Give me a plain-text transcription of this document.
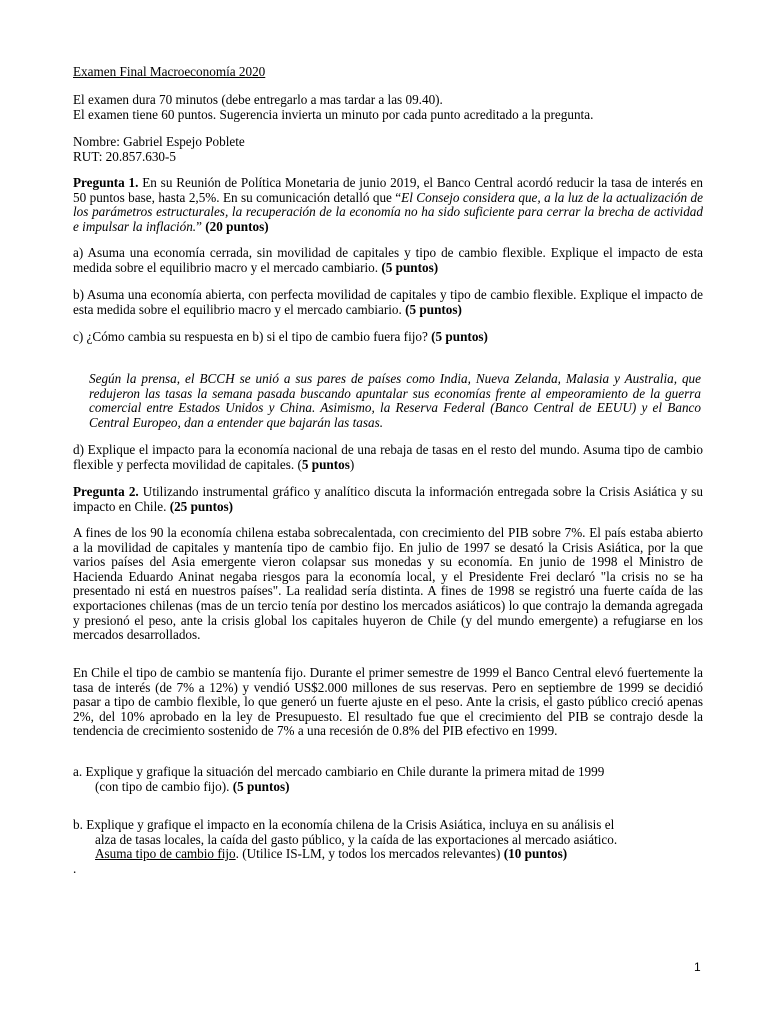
Examen Final Macroeconomía 2020

El examen dura 70 minutos (debe entregarlo a mas tardar a las 09.40).

El examen tiene 60 puntos. Sugerencia invierta un minuto por cada punto acreditado a la pregunta.

Nombre: Gabriel Espejo Poblete

RUT: 20.857.630-5

Pregunta 1. En su Reunión de Política Monetaria de junio 2019, el Banco Central acordó reducir la tasa de interés en 50 puntos base, hasta 2,5%. En su comunicación detalló que “El Consejo considera que, a la luz de la actualización de los parámetros estructurales, la recuperación de la economía no ha sido suficiente para cerrar la brecha de actividad e impulsar la inflación.” (20 puntos)

a) Asuma una economía cerrada, sin movilidad de capitales y tipo de cambio flexible. Explique el impacto de esta medida sobre el equilibrio macro y el mercado cambiario. (5 puntos)

b) Asuma una economía abierta, con perfecta movilidad de capitales y tipo de cambio flexible. Explique el impacto de esta medida sobre el equilibrio macro y el mercado cambiario. (5 puntos)

c) ¿Cómo cambia su respuesta en b) si el tipo de cambio fuera fijo? (5 puntos)

Según la prensa, el BCCH se unió a sus pares de países como India, Nueva Zelanda, Malasia y Australia, que redujeron las tasas la semana pasada buscando apuntalar sus economías frente al empeoramiento de la guerra comercial entre Estados Unidos y China. Asimismo, la Reserva Federal (Banco Central de EEUU) y el Banco Central Europeo, dan a entender que bajarán las tasas.

d) Explique el impacto para la economía nacional de una rebaja de tasas en el resto del mundo. Asuma tipo de cambio flexible y perfecta movilidad de capitales. (5 puntos)

Pregunta 2. Utilizando instrumental gráfico y analítico discuta la información entregada sobre la Crisis Asiática y su impacto en Chile. (25 puntos)

A fines de los 90 la economía chilena estaba sobrecalentada, con crecimiento del PIB sobre 7%. El país estaba abierto a la movilidad de capitales y mantenía tipo de cambio fijo. En julio de 1997 se desató la Crisis Asiática, por la que varios países del Asia emergente vieron colapsar sus monedas y su economía. En junio de 1998 el Ministro de Hacienda Eduardo Aninat negaba riesgos para la economía local, y el Presidente Frei declaró "la crisis no se ha presentado ni está en nuestros países". La realidad sería distinta. A fines de 1998 se registró una fuerte caída de las exportaciones chilenas (mas de un tercio tenía por destino los mercados asiáticos) lo que contrajo la demanda agregada y presionó el peso, ante la crisis global los capitales huyeron de Chile (y del mundo emergente) a refugiarse en los mercados desarrollados.

En Chile el tipo de cambio se mantenía fijo. Durante el primer semestre de 1999 el Banco Central elevó fuertemente la tasa de interés (de 7% a 12%) y vendió US$2.000 millones de sus reservas. Pero en septiembre de 1999 se decidió pasar a tipo de cambio flexible, lo que generó un fuerte ajuste en el peso. Ante la crisis, el gasto público creció apenas 2%, del 10% aprobado en la ley de Presupuesto. El resultado fue que el crecimiento del PIB se contrajo desde la tendencia de crecimiento sostenido de 7% a una recesión de 0.8% del PIB efectivo en 1999.

a. Explique y grafique la situación del mercado cambiario en Chile durante la primera mitad de 1999

(con tipo de cambio fijo). (5 puntos)

b. Explique y grafique el impacto en la economía chilena de la Crisis Asiática, incluya en su análisis el

alza de tasas locales, la caída del gasto público, y la caída de las exportaciones al mercado asiático.

Asuma tipo de cambio fijo. (Utilice IS-LM, y todos los mercados relevantes) (10 puntos)

.

1
